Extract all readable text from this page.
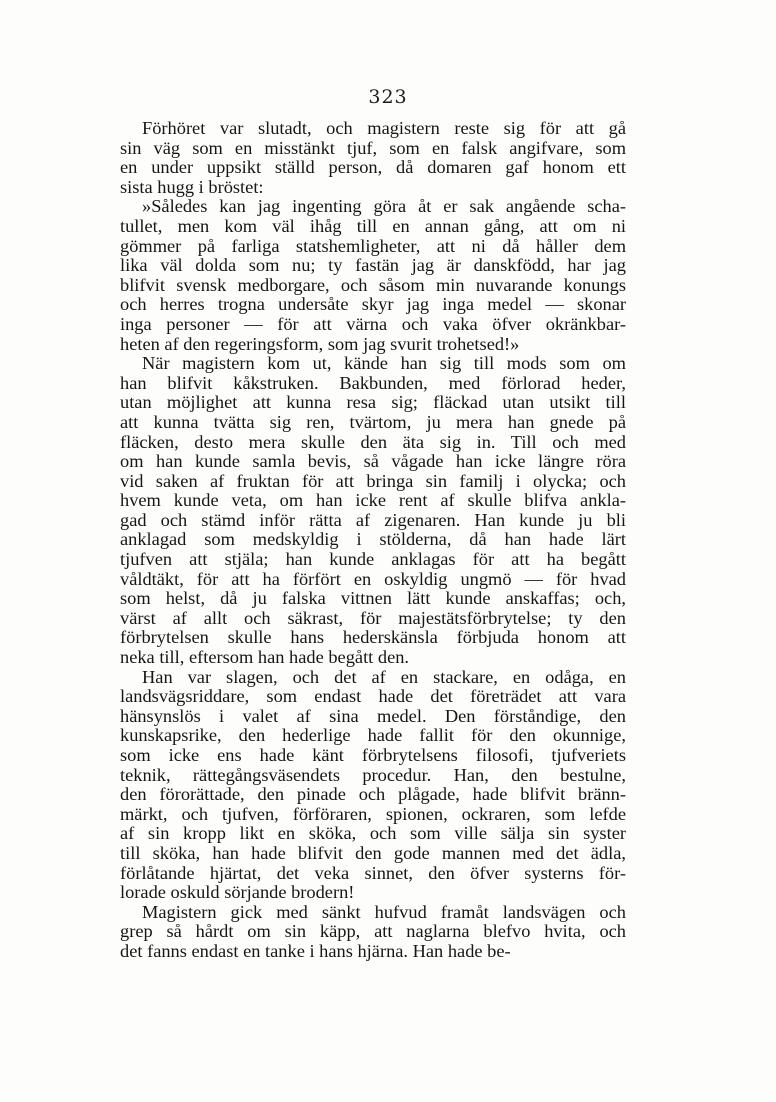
323
Förhöret var slutadt, och magistern reste sig för att gå
sin väg som en misstänkt tjuf, som en falsk angifvare, som
en under uppsikt ställd person, då domaren gaf honom ett
sista hugg i bröstet:
»Således kan jag ingenting göra åt er sak angående scha-
tullet, men kom väl ihåg till en annan gång, att om ni
gömmer på farliga statshemligheter, att ni då håller dem
lika väl dolda som nu; ty fastän jag är danskfödd, har jag
blifvit svensk medborgare, och såsom min nuvarande konungs
och herres trogna undersåte skyr jag inga medel — skonar
inga personer — för att värna och vaka öfver okränkbar-
heten af den regeringsform, som jag svurit trohetsed!»
När magistern kom ut, kände han sig till mods som om
han blifvit kåkstruken. Bakbunden, med förlorad heder,
utan möjlighet att kunna resa sig; fläckad utan utsikt till
att kunna tvätta sig ren, tvärtom, ju mera han gnede på
fläcken, desto mera skulle den äta sig in. Till och med
om han kunde samla bevis, så vågade han icke längre röra
vid saken af fruktan för att bringa sin familj i olycka; och
hvem kunde veta, om han icke rent af skulle blifva ankla-
gad och stämd inför rätta af zigenaren. Han kunde ju bli
anklagad som medskyldig i stölderna, då han hade lärt
tjufven att stjäla; han kunde anklagas för att ha begått
våldtäkt, för att ha förfört en oskyldig ungmö — för hvad
som helst, då ju falska vittnen lätt kunde anskaffas; och,
värst af allt och säkrast, för majestätsförbrytelse; ty den
förbrytelsen skulle hans hederskänsla förbjuda honom att
neka till, eftersom han hade begått den.
Han var slagen, och det af en stackare, en odåga, en
landsvägsriddare, som endast hade det företrädet att vara
hänsynslös i valet af sina medel. Den förståndige, den
kunskapsrike, den hederlige hade fallit för den okunnige,
som icke ens hade känt förbrytelsens filosofi, tjufveriets
teknik, rättegångsväsendets procedur. Han, den bestulne,
den förorättade, den pinade och plågade, hade blifvit bränn-
märkt, och tjufven, förföraren, spionen, ockraren, som lefde
af sin kropp likt en sköka, och som ville sälja sin syster
till sköka, han hade blifvit den gode mannen med det ädla,
förlåtande hjärtat, det veka sinnet, den öfver systerns för-
lorade oskuld sörjande brodern!
Magistern gick med sänkt hufvud framåt landsvägen och
grep så hårdt om sin käpp, att naglarna blefvo hvita, och
det fanns endast en tanke i hans hjärna. Han hade be-
